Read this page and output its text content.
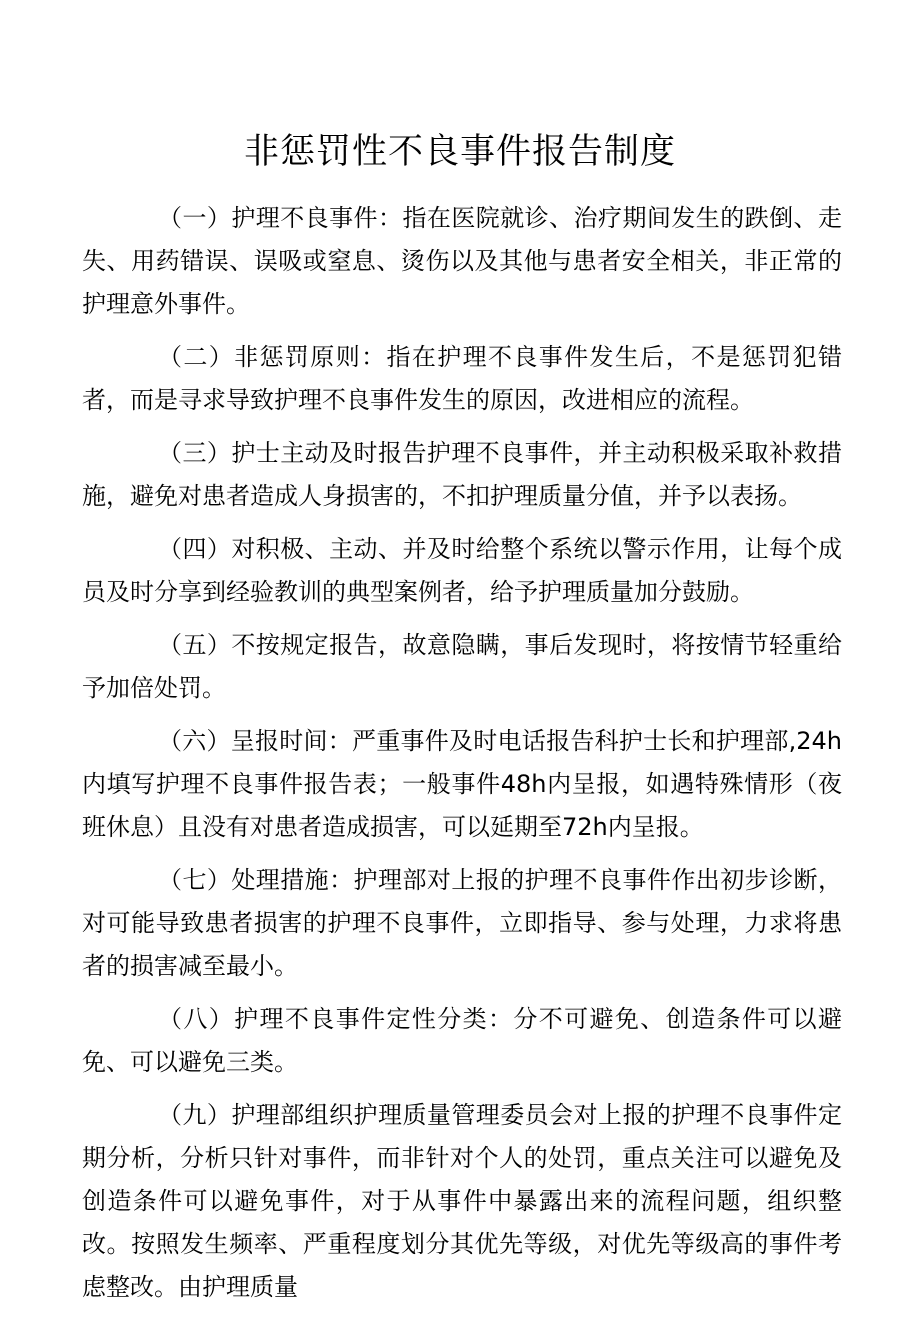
非惩罚性不良事件报告制度

（一）护理不良事件：指在医院就诊、治疗期间发生的跌倒、走失、用药错误、误吸或窒息、烫伤以及其他与患者安全相关，非正常的护理意外事件。

（二）非惩罚原则：指在护理不良事件发生后，不是惩罚犯错者，而是寻求导致护理不良事件发生的原因，改进相应的流程。

（三）护士主动及时报告护理不良事件，并主动积极采取补救措施，避免对患者造成人身损害的，不扣护理质量分值，并予以表扬。

（四）对积极、主动、并及时给整个系统以警示作用，让每个成员及时分享到经验教训的典型案例者，给予护理质量加分鼓励。

（五）不按规定报告，故意隐瞒，事后发现时，将按情节轻重给予加倍处罚。

（六）呈报时间：严重事件及时电话报告科护士长和护理部,24h内填写护理不良事件报告表；一般事件48h内呈报，如遇特殊情形（夜班休息）且没有对患者造成损害，可以延期至72h内呈报。

（七）处理措施：护理部对上报的护理不良事件作出初步诊断，对可能导致患者损害的护理不良事件，立即指导、参与处理，力求将患者的损害减至最小。

（八）护理不良事件定性分类：分不可避免、创造条件可以避免、可以避免三类。

（九）护理部组织护理质量管理委员会对上报的护理不良事件定期分析，分析只针对事件，而非针对个人的处罚，重点关注可以避免及创造条件可以避免事件，对于从事件中暴露出来的流程问题，组织整改。按照发生频率、严重程度划分其优先等级，对优先等级高的事件考虑整改。由护理质量
